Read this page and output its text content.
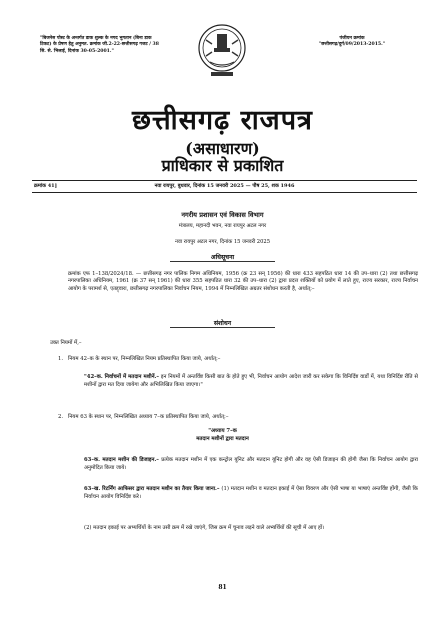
"बिजनेस पोस्ट के अन्तर्गत डाक शुल्क के नगद भुगतान (बिना डाक टिकट) के प्रेषण हेतु अनुमत. क्रमांक जी.2-22-छत्तीसगढ़ गजट / 38 सि. से. भिलाई, दिनांक 30-05-2001."
पंजीयन क्रमांक
"छत्तीसगढ़/दुर्ग/09/2013-2015."
छत्तीसगढ़ राजपत्र
(असाधारण)
प्राधिकार से प्रकाशित
क्रमांक 41]	नवा रायपुर, बुधवार, दिनांक 15 जनवरी 2025 — पौष 25, शक 1946
नगरीय प्रशासन एवं विकास विभाग
मंत्रालय, महानदी भवन, नवा रायपुर अटल नगर
नवा रायपुर अटल नगर, दिनांक 15 जनवरी 2025
अधिसूचना
क्रमांक एफ 1–138/2024/18. — छत्तीसगढ़ नगर पालिक निगम अधिनियम, 1956 (क्र 23 सन् 1956) की धारा 433 सहपठित धारा 14 की उप–धारा (2) तथा छत्तीसगढ़ नगरपालिका अधिनियम, 1961 (क्र 37 सन् 1961) की धारा 355 सहपठित धारा 32 की उप–धारा (2) द्वारा प्रदत्त शक्तियों को प्रयोग में लाते हुए, राज्य सरकार, राज्य निर्वाचन आयोग के परामर्श से, एतद्द्वारा, छत्तीसगढ़ नगरपालिका निर्वाचन नियम, 1994 में निम्नलिखित अग्रतर संशोधन करती है, अर्थात्:–
संशोधन
उक्त नियमों में,–
1. नियम 42–क के स्थान पर, निम्नलिखित नियम प्रतिस्थापित किया जाये, अर्थात्:–
"42–क. निर्वाचनों में मतदान मशीनें.– इन नियमों में अन्तर्विष्ट किसी बात के होते हुए भी, निर्वाचन आयोग आदेश जारी कर सकेगा कि विनिर्दिष्ट वार्डों में, यथा विनिर्दिष्ट रीति से मशीनों द्वारा मत दिया जायेगा और अभिलिखित किया जाएगा।"
2. नियम 63 के स्थान पर, निम्नलिखित अध्याय 7–क प्रतिस्थापित किया जाये, अर्थात्:–
"अध्याय 7–क
मतदान मशीनों द्वारा मतदान
63–क. मतदान मशीन की डिजाइन.– प्रत्येक मतदान मशीन में एक कन्ट्रोल यूनिट और मतदान यूनिट होगी और वह ऐसी डिजाइन की होगी जैसा कि निर्वाचन आयोग द्वारा अनुमोदित किया जाये।
63–ख. रिटर्निंग आफिसर द्वारा मतदान मशीन का तैयार किया जाना.– (1) मतदान मशीन व मतदान इकाई में ऐसा विवरण और ऐसी भाषा या भाषाएं अन्तर्विष्ट होंगी, जैसी कि निर्वाचन आयोग विनिर्दिष्ट करे।
(2) मतदान इकाई पर अभ्यर्थियों के नाम उसी क्रम में रखे जाएंगे, जिस क्रम में चुनाव लड़ने वाले अभ्यर्थियों की सूची में आए हों।
81
